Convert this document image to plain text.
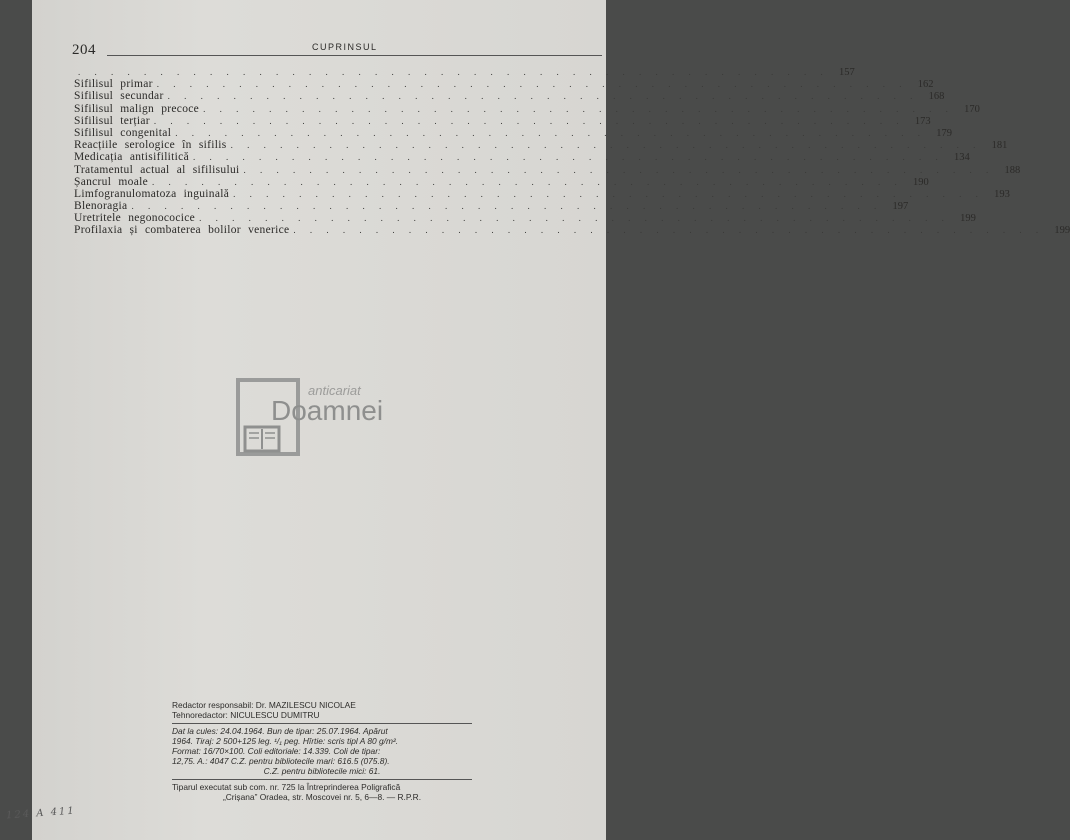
204	CUPRINSUL
. . . . . . . . . . . . . . . . . . . . . . . . . . . . . . . . . . . . . . . . . . . . . . 157
Sifilisul primar . . . . . . . . . . . . . . . . . . . . . . . . . . . . . . . . . . . . . . . . . . . . . . 162
Sifilisul secundar . . . . . . . . . . . . . . . . . . . . . . . . . . . . . . . . . . . . . . . . . . . . . . 168
Sifilisul malign precoce . . . . . . . . . . . . . . . . . . . . . . . . . . . . . . . . . . . . . . . . . . . . . . 170
Sifilisul terțiar . . . . . . . . . . . . . . . . . . . . . . . . . . . . . . . . . . . . . . . . . . . . . . 173
Sifilisul congenital . . . . . . . . . . . . . . . . . . . . . . . . . . . . . . . . . . . . . . . . . . . . . . 179
Reacțiile serologice în sifilis . . . . . . . . . . . . . . . . . . . . . . . . . . . . . . . . . . . . . . . . . . . . . . 181
Medicația antisifilitică . . . . . . . . . . . . . . . . . . . . . . . . . . . . . . . . . . . . . . . . . . . . . . 134
Tratamentul actual al sifilisului . . . . . . . . . . . . . . . . . . . . . . . . . . . . . . . . . . . . . . . . . . . . . . 188
Șancrul moale . . . . . . . . . . . . . . . . . . . . . . . . . . . . . . . . . . . . . . . . . . . . . . 190
Limfogranulomatoza inguinală . . . . . . . . . . . . . . . . . . . . . . . . . . . . . . . . . . . . . . . . . . . . . . 193
Blenoragia . . . . . . . . . . . . . . . . . . . . . . . . . . . . . . . . . . . . . . . . . . . . . . 197
Uretritele negonococice . . . . . . . . . . . . . . . . . . . . . . . . . . . . . . . . . . . . . . . . . . . . . . 199
Profilaxia și combaterea bolilor venerice . . . . . . . . . . . . . . . . . . . . . . . . . . . . . . . . . . . . . . . . . . . . . . 199
anticariat
Doamnei
Redactor responsabil: Dr. MAZILESCU NICOLAE
Tehnoredactor: NICULESCU DUMITRU
Dat la cules: 24.04.1964. Bun de tipar: 25.07.1964. Apărut
1964. Tiraj: 2 500+125 leg. ¹/₁ peg. Hîrtie: scris tipl A 80 g/m².
Format: 16/70×100. Coli editoriale: 14.339. Coli de tipar:
12,75. A.: 4047 C.Z. pentru bibliotecile mari: 616.5 (075.8).
C.Z. pentru bibliotecile mici: 61.
Tiparul executat sub com. nr. 725 la Întreprinderea Poligrafică
„Crișana” Oradea, str. Moscovei nr. 5, 6—8. — R.P.R.
124 A 411
